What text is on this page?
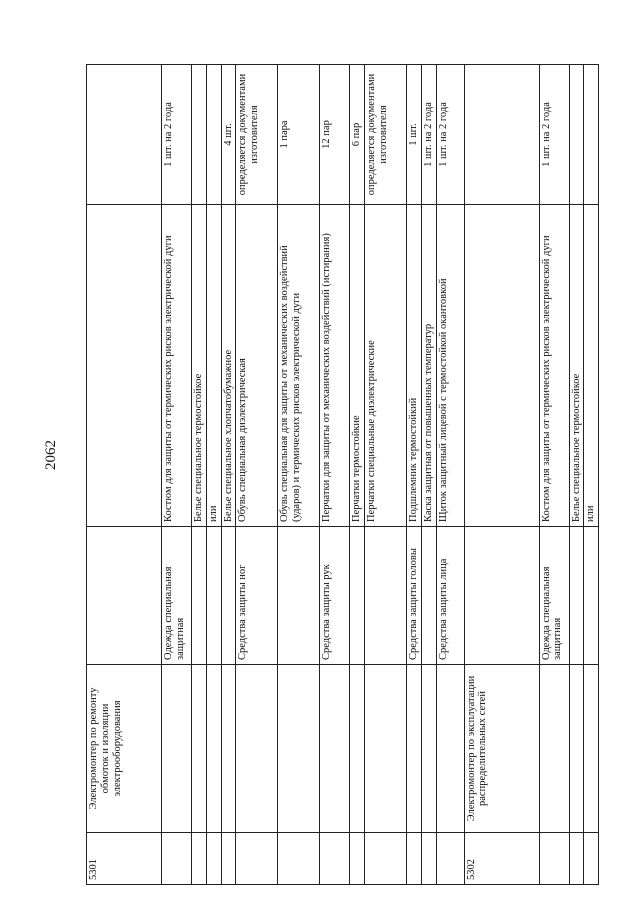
2062
5301	Электромонтер по ремонту обмоток и изоляции электрооборудования			
		Одежда специальная защитная	Костюм для защиты от термических рисков электрической дуги	1 шт. на 2 года
			Белье специальное термостойкое	
			или	
			Белье специальное хлопчатобумажное	4 шт.
		Средства защиты ног	Обувь специальная диэлектрическая	определяется документами изготовителя
			Обувь специальная для защиты от механических воздействий (ударов) и термических рисков электрической дуги	1 пара
		Средства защиты рук	Перчатки для защиты от механических воздействий (истирания)	12 пар
			Перчатки термостойкие	6 пар
			Перчатки специальные диэлектрические	определяется документами изготовителя
		Средства защиты головы	Подшлемник термостойкий	1 шт.
			Каска защитная от повышенных температур	1 шт. на 2 года
		Средства защиты лица	Щиток защитный лицевой с термостойкой окантовкой	1 шт. на 2 года
5302	Электромонтер по эксплуатации распределительных сетей			
		Одежда специальная защитная	Костюм для защиты от термических рисков электрической дуги	1 шт. на 2 года
			Белье специальное термостойкое	
			или	
